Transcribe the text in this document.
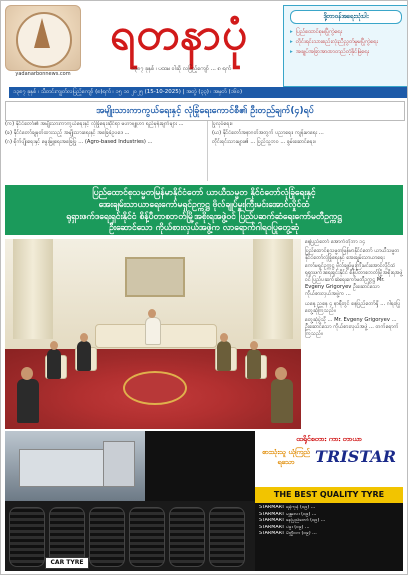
yadanarbonnews.com
ရတနာပုံ
၁၃၈၇ ခုနှစ် ၊ ပထမ ဝါဆို လပြည့်ကျော် ... ၈ ရက်
ဒို့တာဝန်အရေးသုံးပါး
▸ ပြည်ထောင်စုမပြိုကွဲရေး
▸ တိုင်းရင်းသားစည်းလုံးညီညွတ်မှုမပြိုကွဲရေး
▸ အချုပ်အခြာအာဏာတည်တံ့ခိုင်မြဲရေး
၁၃၈၇ ခုနှစ် ၊ သီတင်းကျွတ်လပြည့်ကျော် (၈)ရက် ၊ ၁၅ ၁၀ ၂၀၂၅ (15-10-2025) | အတွဲ (၃၃) ၊ အမှတ် (၁၆၀)
အမျိုးသားကာကွယ်ရေးနှင့် လုံခြုံရေးကောင်စီ၏ ဦးတည်ချက်(၄)ရပ်

(က) နိုင်ငံတော်၏ အမျိုးသားကာကွယ်ရေးနှင့် လုံခြုံရေးဆိုင်ရာ မဟာဗျူဟာ ရည်မှန်းချက်များ ...

(ခ) နိုင်ငံတော်ချမှတ်ထားသည့် အမျိုးသားရေးနှင့် အခြေခံဥပဒေ ...

(ဂ) စိုက်ပျိုးရေးနှင့် မွေးမြူရေးအခြေပြု ... (Agro-based Industries) ...

ပြုလုပ်ရေး။

(ဃ) နိုင်ငံတော်အနာဂတ်အတွက် ပညာရေး၊ ကျန်းမာရေး ...

တိုင်းရင်းသားများ၏ ... ပြည်သူ့ဘဝ ... စွမ်းဆောင်ရေး။

ပြည်ထောင်စုသမ္မတမြန်မာနိုင်ငံတော် ယာယီသမ္မတ နိုင်ငံတော်လုံခြုံရေးနှင့်
အေးချမ်းသာယာရေးကော်မရှင်ဥက္ကဋ္ဌ ဗိုလ်ချုပ်မှူးကြီးမင်းအောင်လှိုင်ထံ
ရုရှားဖက်ဒရေးရှင်းနိုင်ငံ စိန့်ပီတာစဘတ်မြို့အစိုးရအဖွဲ့ဝင် ပြည်ပဆက်ဆံရေးကော်မတီဥက္ကဋ္ဌ
ဦးဆောင်သော ကိုယ်စားလှယ်အဖွဲ့က လာရောက်ဂါရဝပြုတွေ့ဆုံ

နေပြည်တော် အောက်တိုဘာ ၁၄

ပြည်ထောင်စုသမ္မတမြန်မာနိုင်ငံတော် ယာယီသမ္မတ နိုင်ငံတော်လုံခြုံရေးနှင့် အေးချမ်းသာယာရေးကော်မရှင်ဥက္ကဋ္ဌ ဗိုလ်ချုပ်မှူးကြီးမင်းအောင်လှိုင်ထံ ရုရှားဖက်ဒရေးရှင်းနိုင်ငံ စိန့်ပီတာစဘတ်မြို့အစိုးရအဖွဲ့ဝင် ပြည်ပဆက်ဆံရေးကော်မတီဥက္ကဋ္ဌ Mr. Evgeny Grigoryev ဦးဆောင်သော ကိုယ်စားလှယ်အဖွဲ့က ...

ယနေ့ ညနေ ၄ နာရီတွင် နေပြည်တော်ရှိ ... ဂါရဝပြုတွေ့ဆုံကြသည်။

တွေ့ဆုံပွဲသို့ ... Mr. Evgeny Grigoryev ... ဦးဆောင်သော ကိုယ်စားလှယ်အဖွဲ့ ... တက်ရောက်ကြသည်။

CAR TYRE
ထရိုင်စတား ကား တာယာ
စားသုံးသူ ယုံကြည်ရသော	TRISTAR
THE BEST QUALITY TYRE
STARMART ရန်ကုန် (၀၉) ...
STARMART မန္တလေး (၀၉) ...
STARMART နေပြည်တော် (၀၉) ...
STARMART ပဲခူး (၀၉) ...
STARMART မိတ္ထီလာ (၀၉) ...
